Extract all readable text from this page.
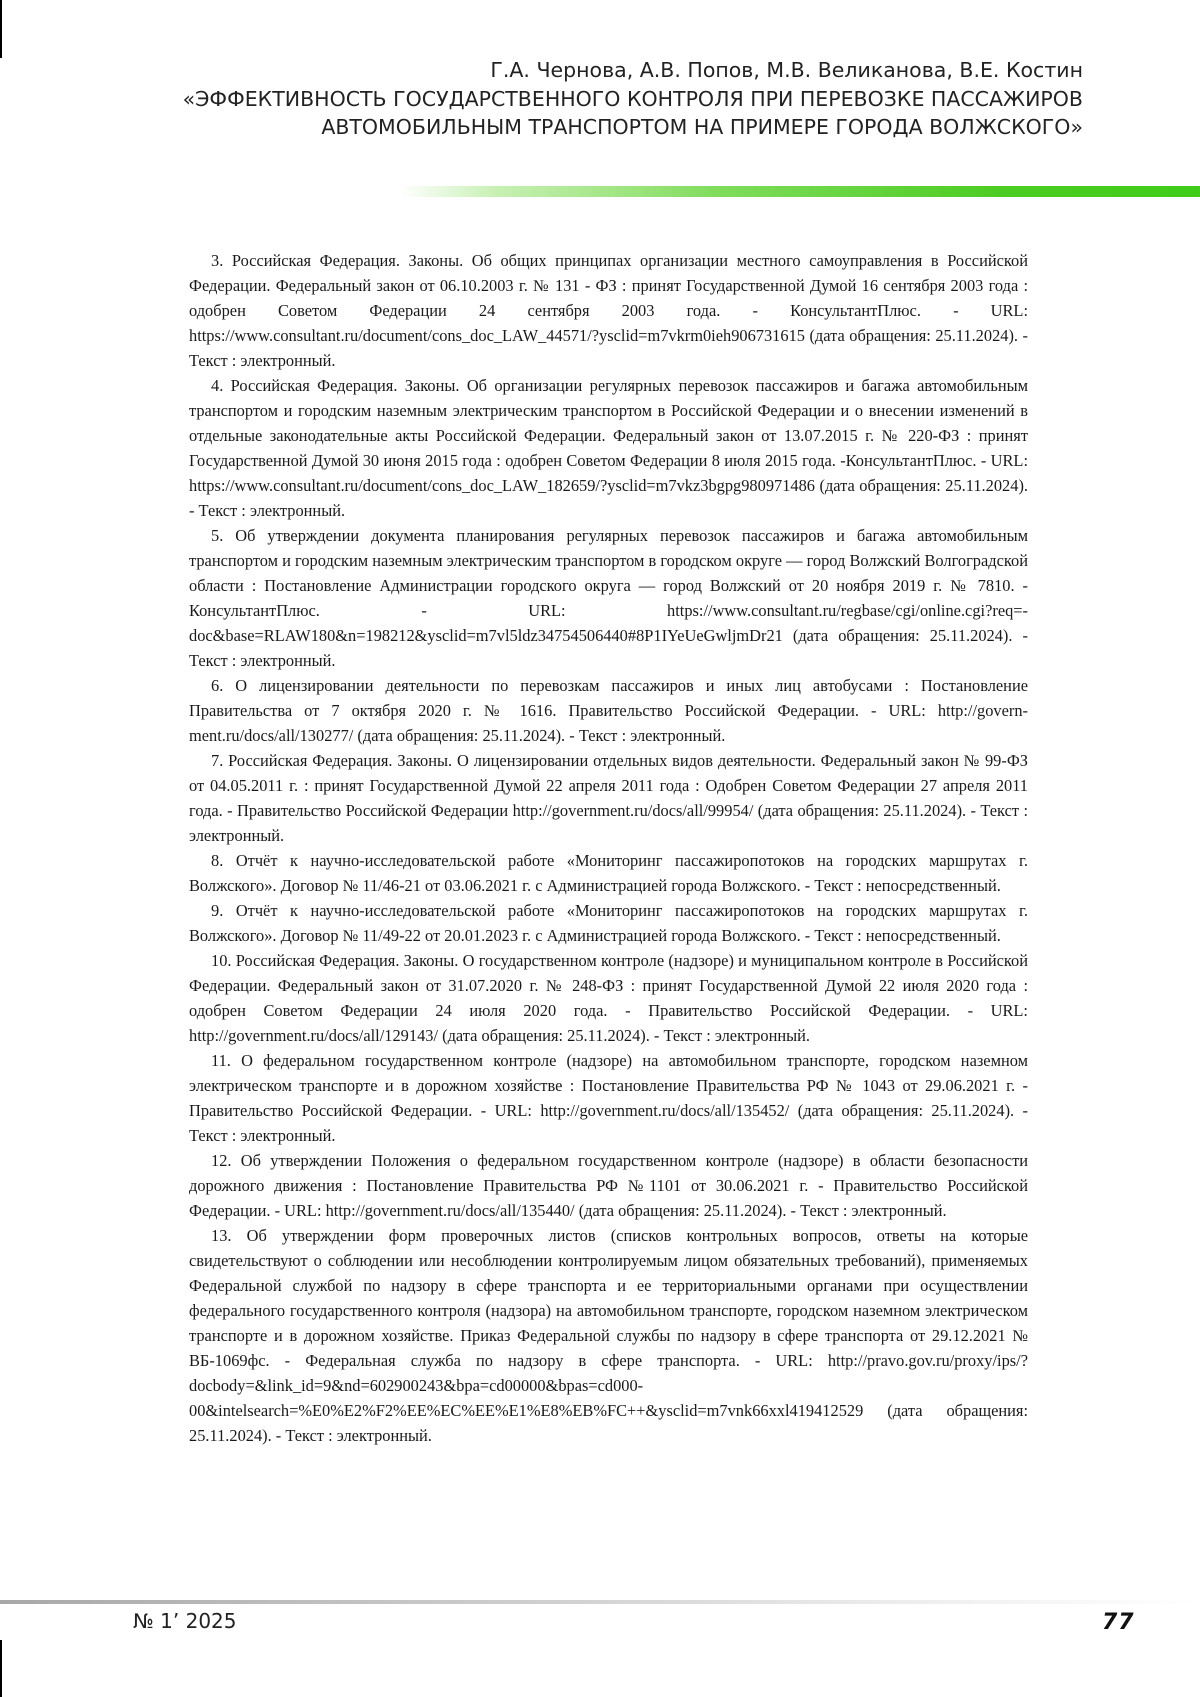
Г.А. Чернова, А.В. Попов, М.В. Великанова, В.Е. Костин
«ЭФФЕКТИВНОСТЬ ГОСУДАРСТВЕННОГО КОНТРОЛЯ ПРИ ПЕРЕВОЗКЕ ПАССАЖИРОВ
АВТОМОБИЛЬНЫМ ТРАНСПОРТОМ НА ПРИМЕРЕ ГОРОДА ВОЛЖСКОГО»

3. Российская Федерация. Законы. Об общих принципах организации местного самоуправления в Российской Федерации. Федеральный закон от 06.10.2003 г. № 131 - ФЗ : принят Государственной Думой 16 сентября 2003 года : одобрен Советом Федерации 24 сентября 2003 года. - КонсультантПлюс. - URL: https://www.consultant.ru/document/cons_doc_LAW_44571/?ysclid=m7vkrm0ieh906731615 (дата обращения: 25.11.2024). - Текст : электронный.

4. Российская Федерация. Законы. Об организации регулярных перевозок пассажиров и багажа автомобильным транспортом и городским наземным электрическим транспортом в Российской Федерации и о внесении изменений в отдельные законодательные акты Российской Федерации. Федеральный закон от 13.07.2015 г. № 220-ФЗ : принят Государственной Думой 30 июня 2015 года : одобрен Советом Федерации 8 июля 2015 года. -КонсультантПлюс. - URL: https://www.consultant.ru/document/cons_doc_LAW_182659/?ysclid=m7vkz3bgpg980971486 (дата обращения: 25.11.2024). - Текст : электронный.

5. Об утверждении документа планирования регулярных перевозок пассажиров и багажа автомобильным транспортом и городским наземным электрическим транспортом в городском округе — город Волжский Волгоградской области : Постановление Администрации городского округа — город Волжский от 20 ноября 2019 г. № 7810. - КонсультантПлюс. - URL: https://www.consultant.ru/regbase/cgi/online.cgi?req=doc&base=RLAW180&n=198212&ysclid=m7vl5ldz34754506440#8P1IYeUeGwljmDr21 (дата обращения: 25.11.2024). - Текст : электронный.

6. О лицензировании деятельности по перевозкам пассажиров и иных лиц автобусами : Постановление Правительства от 7 октября 2020 г. № 1616. Правительство Российской Федерации. - URL: http://government.ru/docs/all/130277/ (дата обращения: 25.11.2024). - Текст : электронный.

7. Российская Федерация. Законы. О лицензировании отдельных видов деятельности. Федеральный закон № 99-ФЗ от 04.05.2011 г. : принят Государственной Думой 22 апреля 2011 года : Одобрен Советом Федерации 27 апреля 2011 года. - Правительство Российской Федерации http://government.ru/docs/all/99954/ (дата обращения: 25.11.2024). - Текст : электронный.

8. Отчёт к научно-исследовательской работе «Мониторинг пассажиропотоков на городских маршрутах г. Волжского». Договор № 11/46-21 от 03.06.2021 г. с Администрацией города Волжского. - Текст : непосредственный.

9. Отчёт к научно-исследовательской работе «Мониторинг пассажиропотоков на городских маршрутах г. Волжского». Договор № 11/49-22 от 20.01.2023 г. с Администрацией города Волжского. - Текст : непосредственный.

10. Российская Федерация. Законы. О государственном контроле (надзоре) и муниципальном контроле в Российской Федерации. Федеральный закон от 31.07.2020 г. № 248-ФЗ : принят Государственной Думой 22 июля 2020 года : одобрен Советом Федерации 24 июля 2020 года. - Правительство Российской Федерации. - URL: http://government.ru/docs/all/129143/ (дата обращения: 25.11.2024). - Текст : электронный.

11. О федеральном государственном контроле (надзоре) на автомобильном транспорте, городском наземном электрическом транспорте и в дорожном хозяйстве : Постановление Правительства РФ № 1043 от 29.06.2021 г. - Правительство Российской Федерации. - URL: http://government.ru/docs/all/135452/ (дата обращения: 25.11.2024). - Текст : электронный.

12. Об утверждении Положения о федеральном государственном контроле (надзоре) в области безопасности дорожного движения : Постановление Правительства РФ №1101 от 30.06.2021 г. - Правительство Российской Федерации. - URL: http://government.ru/docs/all/135440/ (дата обращения: 25.11.2024). - Текст : электронный.

13. Об утверждении форм проверочных листов (списков контрольных вопросов, ответы на которые свидетельствуют о соблюдении или несоблюдении контролируемым лицом обязательных требований), применяемых Федеральной службой по надзору в сфере транспорта и ее территориальными органами при осуществлении федерального государственного контроля (надзора) на автомобильном транспорте, городском наземном электрическом транспорте и в дорожном хозяйстве. Приказ Федеральной службы по надзору в сфере транспорта от 29.12.2021 № ВБ-1069фс. - Федеральная служба по надзору в сфере транспорта. - URL: http://pravo.gov.ru/proxy/ips/?docbody=&link_id=9&nd=602900243&bpa=cd00000&bpas=cd00000&intelsearch=%E0%E2%F2%EE%EC%EE%E1%E8%EB%FC++&ysclid=m7vnk66xxl419412529 (дата обращения: 25.11.2024). - Текст : электронный.

№ 1’ 2025	77
